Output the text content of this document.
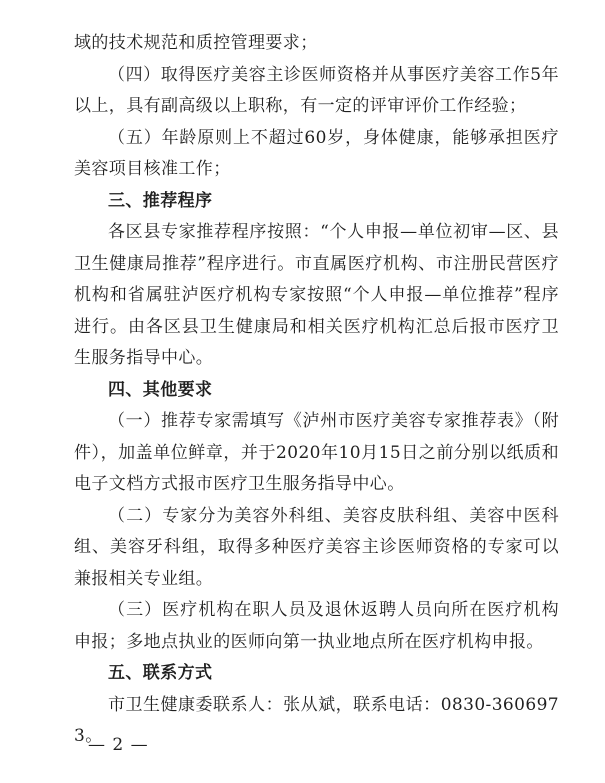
域的技术规范和质控管理要求；

（四）取得医疗美容主诊医师资格并从事医疗美容工作5年以上，具有副高级以上职称，有一定的评审评价工作经验；

（五）年龄原则上不超过60岁，身体健康，能够承担医疗美容项目核准工作；

三、推荐程序

各区县专家推荐程序按照：“个人申报—单位初审—区、县卫生健康局推荐”程序进行。市直属医疗机构、市注册民营医疗机构和省属驻泸医疗机构专家按照“个人申报—单位推荐”程序进行。由各区县卫生健康局和相关医疗机构汇总后报市医疗卫生服务指导中心。

四、其他要求

（一）推荐专家需填写《泸州市医疗美容专家推荐表》（附件），加盖单位鲜章，并于2020年10月15日之前分别以纸质和电子文档方式报市医疗卫生服务指导中心。

（二）专家分为美容外科组、美容皮肤科组、美容中医科组、美容牙科组，取得多种医疗美容主诊医师资格的专家可以兼报相关专业组。

（三）医疗机构在职人员及退休返聘人员向所在医疗机构申报；多地点执业的医师向第一执业地点所在医疗机构申报。

五、联系方式

市卫生健康委联系人：张从斌，联系电话：0830-3606973。

— 2 —
